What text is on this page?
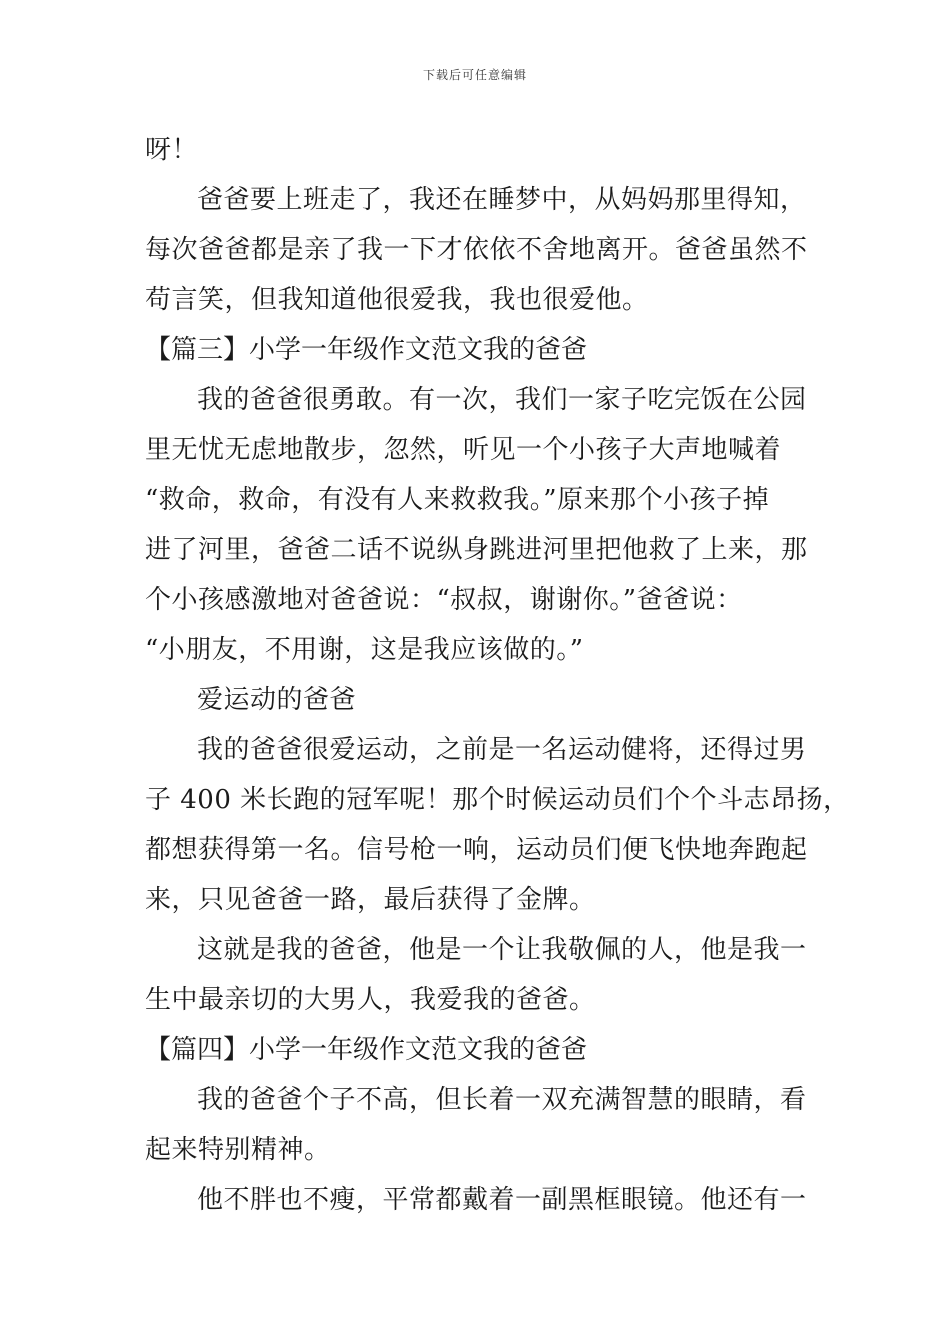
下载后可任意编辑
呀！
爸爸要上班走了，我还在睡梦中，从妈妈那里得知，
每次爸爸都是亲了我一下才依依不舍地离开。爸爸虽然不
苟言笑，但我知道他很爱我，我也很爱他。
【篇三】小学一年级作文范文我的爸爸
我的爸爸很勇敢。有一次，我们一家子吃完饭在公园
里无忧无虑地散步，忽然，听见一个小孩子大声地喊着
“救命，救命，有没有人来救救我。”原来那个小孩子掉
进了河里，爸爸二话不说纵身跳进河里把他救了上来，那
个小孩感激地对爸爸说：“叔叔，谢谢你。”爸爸说：
“小朋友，不用谢，这是我应该做的。”
爱运动的爸爸
我的爸爸很爱运动，之前是一名运动健将，还得过男
子 400 米长跑的冠军呢！那个时候运动员们个个斗志昂扬，
都想获得第一名。信号枪一响，运动员们便飞快地奔跑起
来，只见爸爸一路，最后获得了金牌。
这就是我的爸爸，他是一个让我敬佩的人，他是我一
生中最亲切的大男人，我爱我的爸爸。
【篇四】小学一年级作文范文我的爸爸
我的爸爸个子不高，但长着一双充满智慧的眼睛，看
起来特别精神。
他不胖也不瘦，平常都戴着一副黑框眼镜。他还有一
